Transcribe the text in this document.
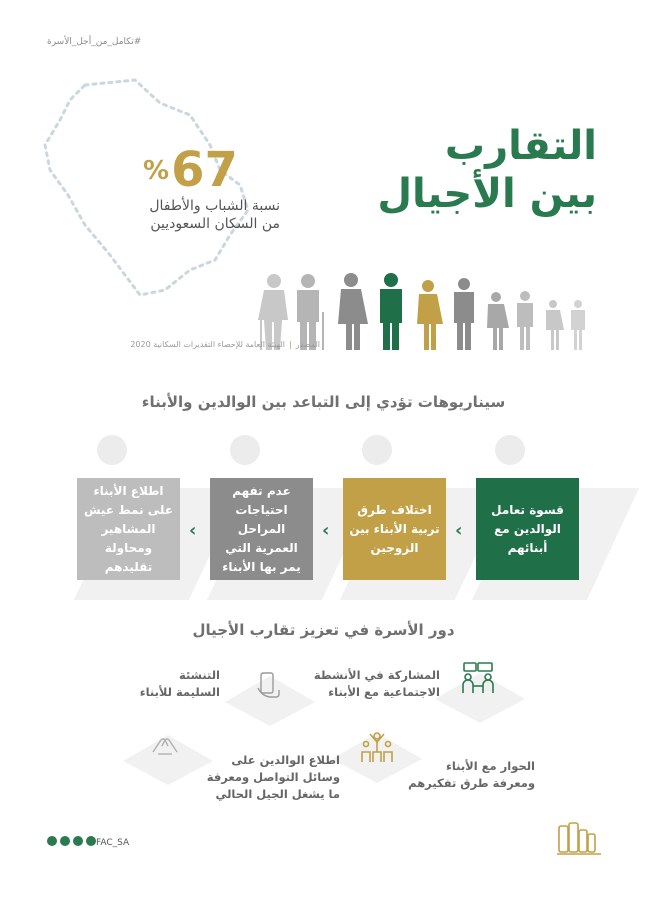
#تكامل_من_أجل_الأسرة
التقارب
بين الأجيال
%67
نسبة الشباب والأطفال
من السكان السعوديين
المصدر|الهيئة العامة للإحصاء التقديرات السكانية 2020
سيناريوهات تؤدي إلى التباعد بين الوالدين والأبناء
قسوة تعامل الوالدين مع أبنائهم
اختلاف طرق تربية الأبناء بين الزوجين
عدم تفهم احتياجات المراحل العمرية التي يمر بها الأبناء
اطلاع الأبناء على نمط عيش المشاهير ومحاولة تقليدهم
‹
‹
‹
دور الأسرة في تعزيز تقارب الأجيال
المشاركة في الأنشطة
الاجتماعية مع الأبناء
التنشئة
السليمة للأبناء
الحوار مع الأبناء
ومعرفة طرق تفكيرهم
اطلاع الوالدين على
وسائل التواصل ومعرفة
ما يشغل الجيل الحالي
FAC_SA
